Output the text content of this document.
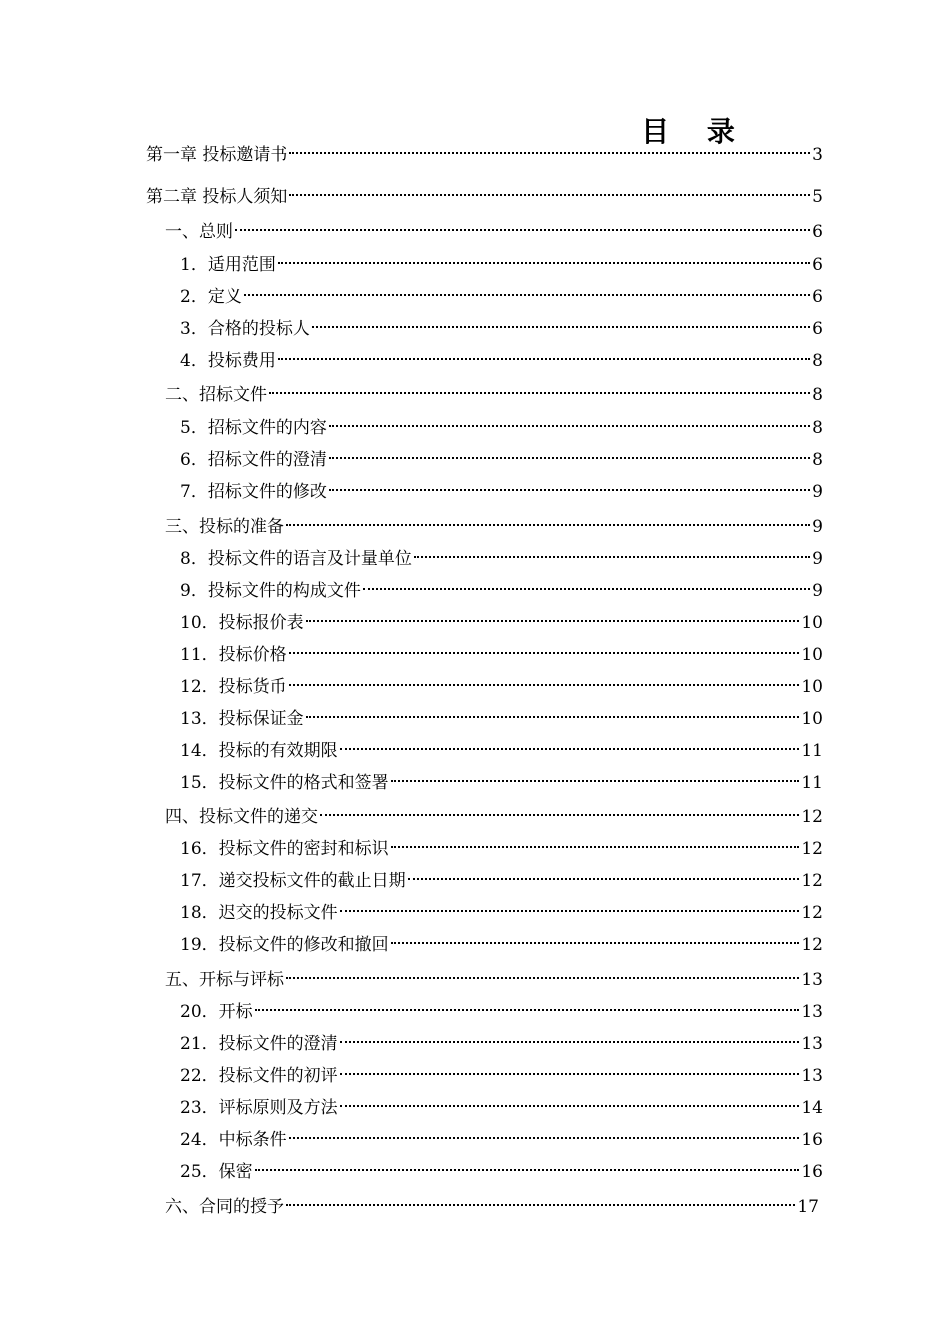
目 录
第一章 投标邀请书	3
第二章 投标人须知	5
一、总则	6
1．适用范围	6
2．定义	6
3．合格的投标人	6
4．投标费用	8
二、招标文件	8
5．招标文件的内容	8
6．招标文件的澄清	8
7．招标文件的修改	9
三、投标的准备	9
8．投标文件的语言及计量单位	9
9．投标文件的构成文件	9
10．投标报价表	10
11．投标价格	10
12．投标货币	10
13．投标保证金	10
14．投标的有效期限	11
15．投标文件的格式和签署	11
四、投标文件的递交	12
16．投标文件的密封和标识	12
17．递交投标文件的截止日期	12
18．迟交的投标文件	12
19．投标文件的修改和撤回	12
五、开标与评标	13
20．开标	13
21．投标文件的澄清	13
22．投标文件的初评	13
23．评标原则及方法	14
24．中标条件	16
25．保密	16
六、合同的授予	17
